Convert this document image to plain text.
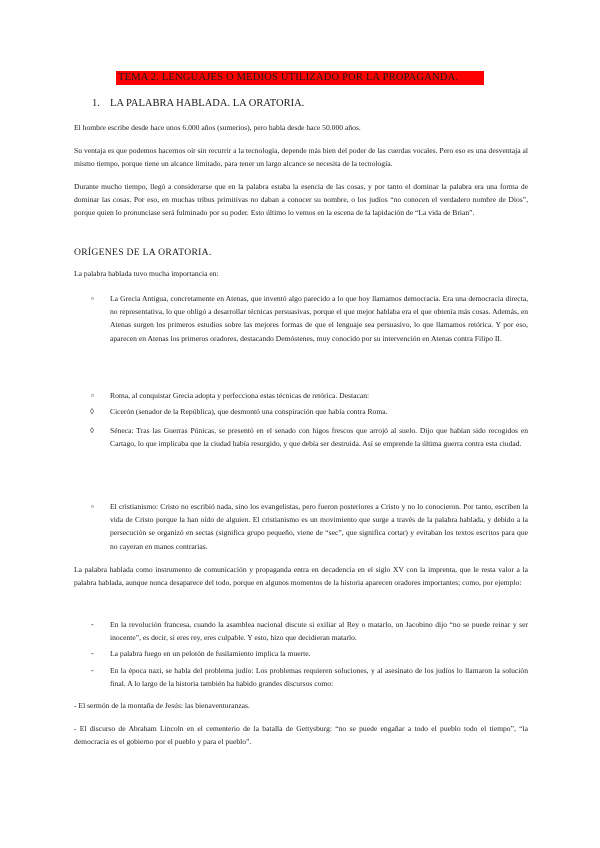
TEMA 2. LENGUAJES O MEDIOS UTILIZADO POR LA PROPAGANDA.
1. LA PALABRA HABLADA. LA ORATORIA.

El hombre escribe desde hace unos 6.000 años (sumerios), pero habla desde hace 50.000 años.

Su ventaja es que podemos hacernos oír sin recurrir a la tecnología, depende más bien del poder de las cuerdas vocales. Pero eso es una desventaja al mismo tiempo, porque tiene un alcance limitado, para tener un largo alcance se necesita de la tecnología.

Durante mucho tiempo, llegó a considerarse que en la palabra estaba la esencia de las cosas, y por tanto el dominar la palabra era una forma de dominar las cosas. Por eso, en muchas tribus primitivas no daban a conocer su nombre, o los judíos “no conocen el verdadero nombre de Dios”, porque quien lo pronunciase será fulminado por su poder. Esto último lo vemos en la escena de la lapidación de “La vida de Brian”.

ORÍGENES DE LA ORATORIA.

La palabra hablada tuvo mucha importancia en:

▫ La Grecia Antigua, concretamente en Atenas, que inventó algo parecido a lo que hoy llamamos democracia. Era una democracia directa, no representativa, lo que obligó a desarrollar técnicas persuasivas, porque el que mejor hablaba era el que obtenía más cosas. Además, en Atenas surgen los primeros estudios sobre las mejores formas de que el lenguaje sea persuasivo, lo que llamamos retórica. Y por eso, aparecen en Atenas los primeros oradores, destacando Demóstenes, muy conocido por su intervención en Atenas contra Filipo II.

▫ Roma, al conquistar Grecia adopta y perfecciona estas técnicas de retórica. Destacan:

◊ Cicerón (senador de la República), que desmontó una conspiración que había contra Roma.

◊ Séneca: Tras las Guerras Púnicas, se presentó en el senado con higos frescos que arrojó al suelo. Dijo que habían sido recogidos en Cartago, lo que implicaba que la ciudad había resurgido, y que debía ser destruida. Así se emprende la última guerra contra esta ciudad.

▫ El cristianismo: Cristo no escribió nada, sino los evangelistas, pero fueron posteriores a Cristo y no lo conocieron. Por tanto, escriben la vida de Cristo porque la han oído de alguien. El cristianismo es un movimiento que surge a través de la palabra hablada, y debido a la persecución se organizó en sectas (significa grupo pequeño, viene de “sec”, que significa cortar) y evitaban los textos escritos para que no cayeran en manos contrarias.

La palabra hablada como instrumento de comunicación y propaganda entra en decadencia en el siglo XV con la imprenta, que le resta valor a la palabra hablada, aunque nunca desaparece del todo, porque en algunos momentos de la historia aparecen oradores importantes; como, por ejemplo:

- En la revolución francesa, cuando la asamblea nacional discute si exiliar al Rey o matarlo, un Jacobino dijo “no se puede reinar y ser inocente”, es decir, si eres rey, eres culpable. Y esto, hizo que decidieran matarlo.

- La palabra fuego en un pelotón de fusilamiento implica la muerte.

- En la época nazi, se habla del problema judío: Los problemas requieren soluciones, y al asesinato de los judíos lo llamaron la solución final. A lo largo de la historia también ha habido grandes discursos como:

- El sermón de la montaña de Jesús: las bienaventuranzas.

- El discurso de Abraham Lincoln en el cementerio de la batalla de Gettysburg: “no se puede engañar a todo el pueblo todo el tiempo”, “la democracia es el gobierno por el pueblo y para el pueblo”.
